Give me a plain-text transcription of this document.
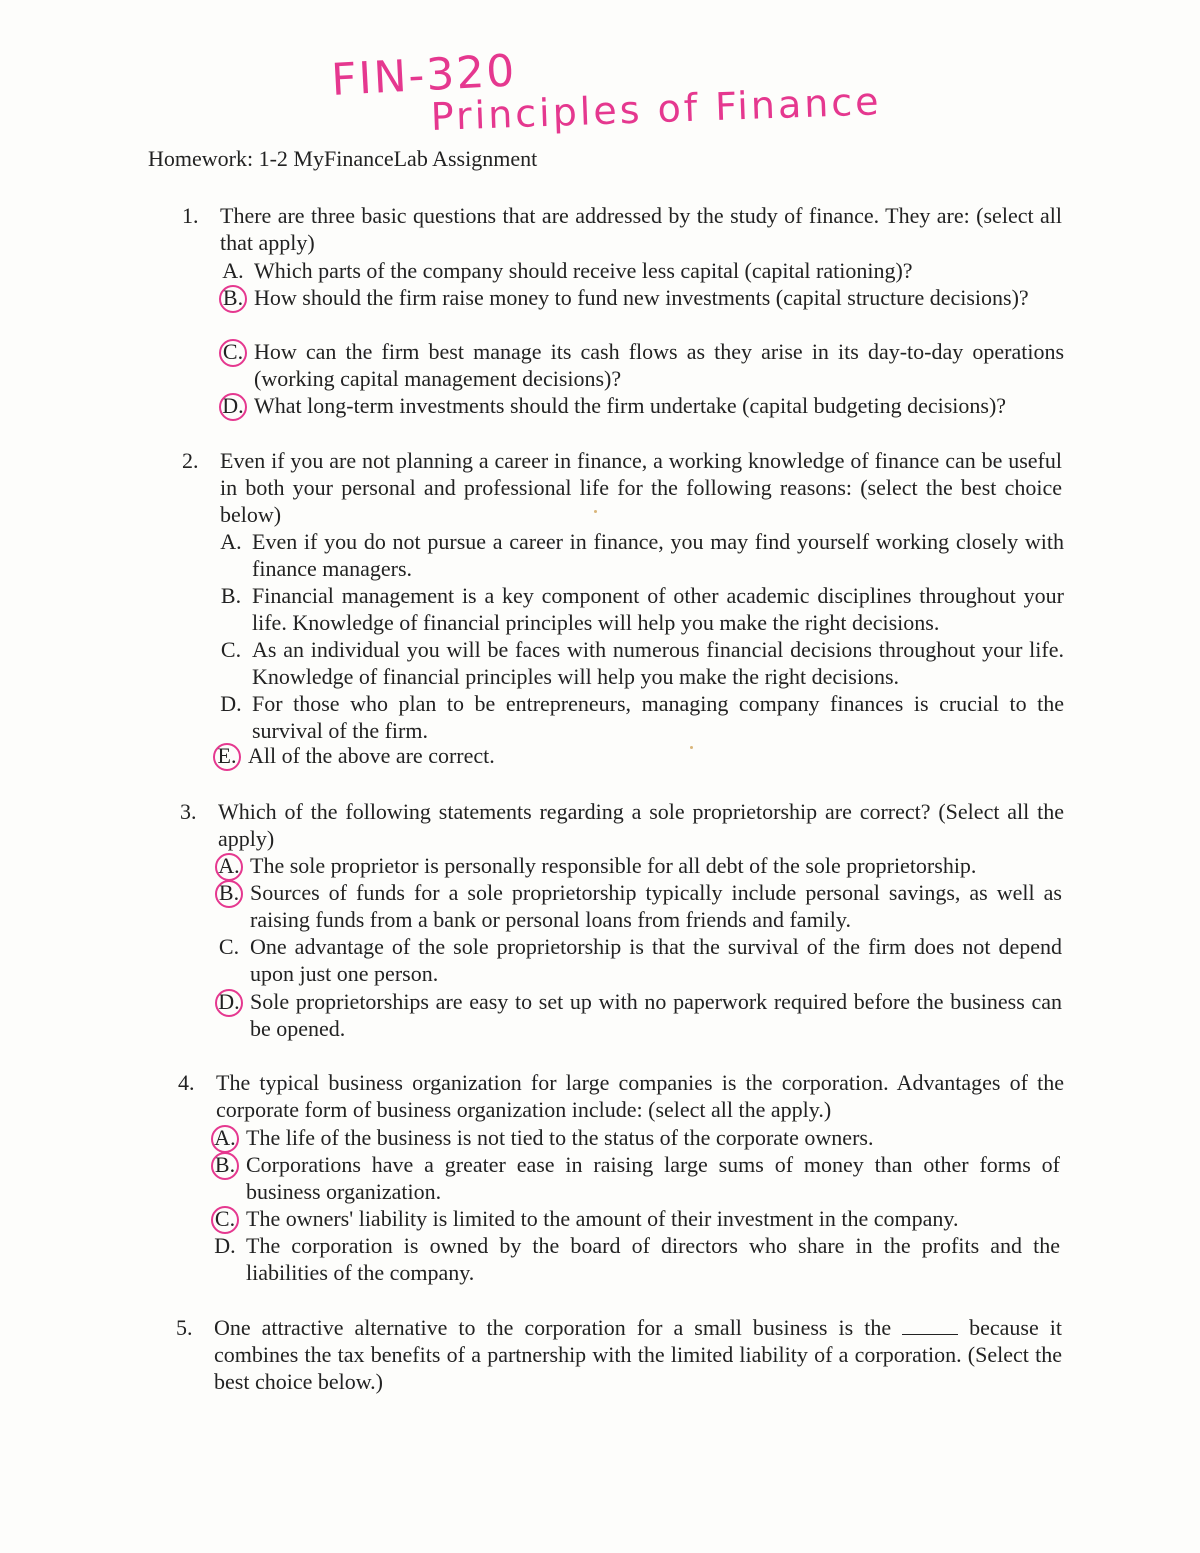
FIN-320
Principles of Finance
Homework: 1-2 MyFinanceLab Assignment
1. There are three basic questions that are addressed by the study of finance. They are: (select all that apply)
A. Which parts of the company should receive less capital (capital rationing)?
B. How should the firm raise money to fund new investments (capital structure decisions)?
C. How can the firm best manage its cash flows as they arise in its day-to-day operations (working capital management decisions)?
D. What long-term investments should the firm undertake (capital budgeting decisions)?
2. Even if you are not planning a career in finance, a working knowledge of finance can be useful in both your personal and professional life for the following reasons: (select the best choice below)
A. Even if you do not pursue a career in finance, you may find yourself working closely with finance managers.
B. Financial management is a key component of other academic disciplines throughout your life. Knowledge of financial principles will help you make the right decisions.
C. As an individual you will be faces with numerous financial decisions throughout your life. Knowledge of financial principles will help you make the right decisions.
D. For those who plan to be entrepreneurs, managing company finances is crucial to the survival of the firm.
E. All of the above are correct.
3. Which of the following statements regarding a sole proprietorship are correct? (Select all the apply)
A. The sole proprietor is personally responsible for all debt of the sole proprietorship.
B. Sources of funds for a sole proprietorship typically include personal savings, as well as raising funds from a bank or personal loans from friends and family.
C. One advantage of the sole proprietorship is that the survival of the firm does not depend upon just one person.
D. Sole proprietorships are easy to set up with no paperwork required before the business can be opened.
4. The typical business organization for large companies is the corporation. Advantages of the corporate form of business organization include: (select all the apply.)
A. The life of the business is not tied to the status of the corporate owners.
B. Corporations have a greater ease in raising large sums of money than other forms of business organization.
C. The owners' liability is limited to the amount of their investment in the company.
D. The corporation is owned by the board of directors who share in the profits and the liabilities of the company.
5. One attractive alternative to the corporation for a small business is the	because it combines the tax benefits of a partnership with the limited liability of a corporation. (Select the best choice below.)
